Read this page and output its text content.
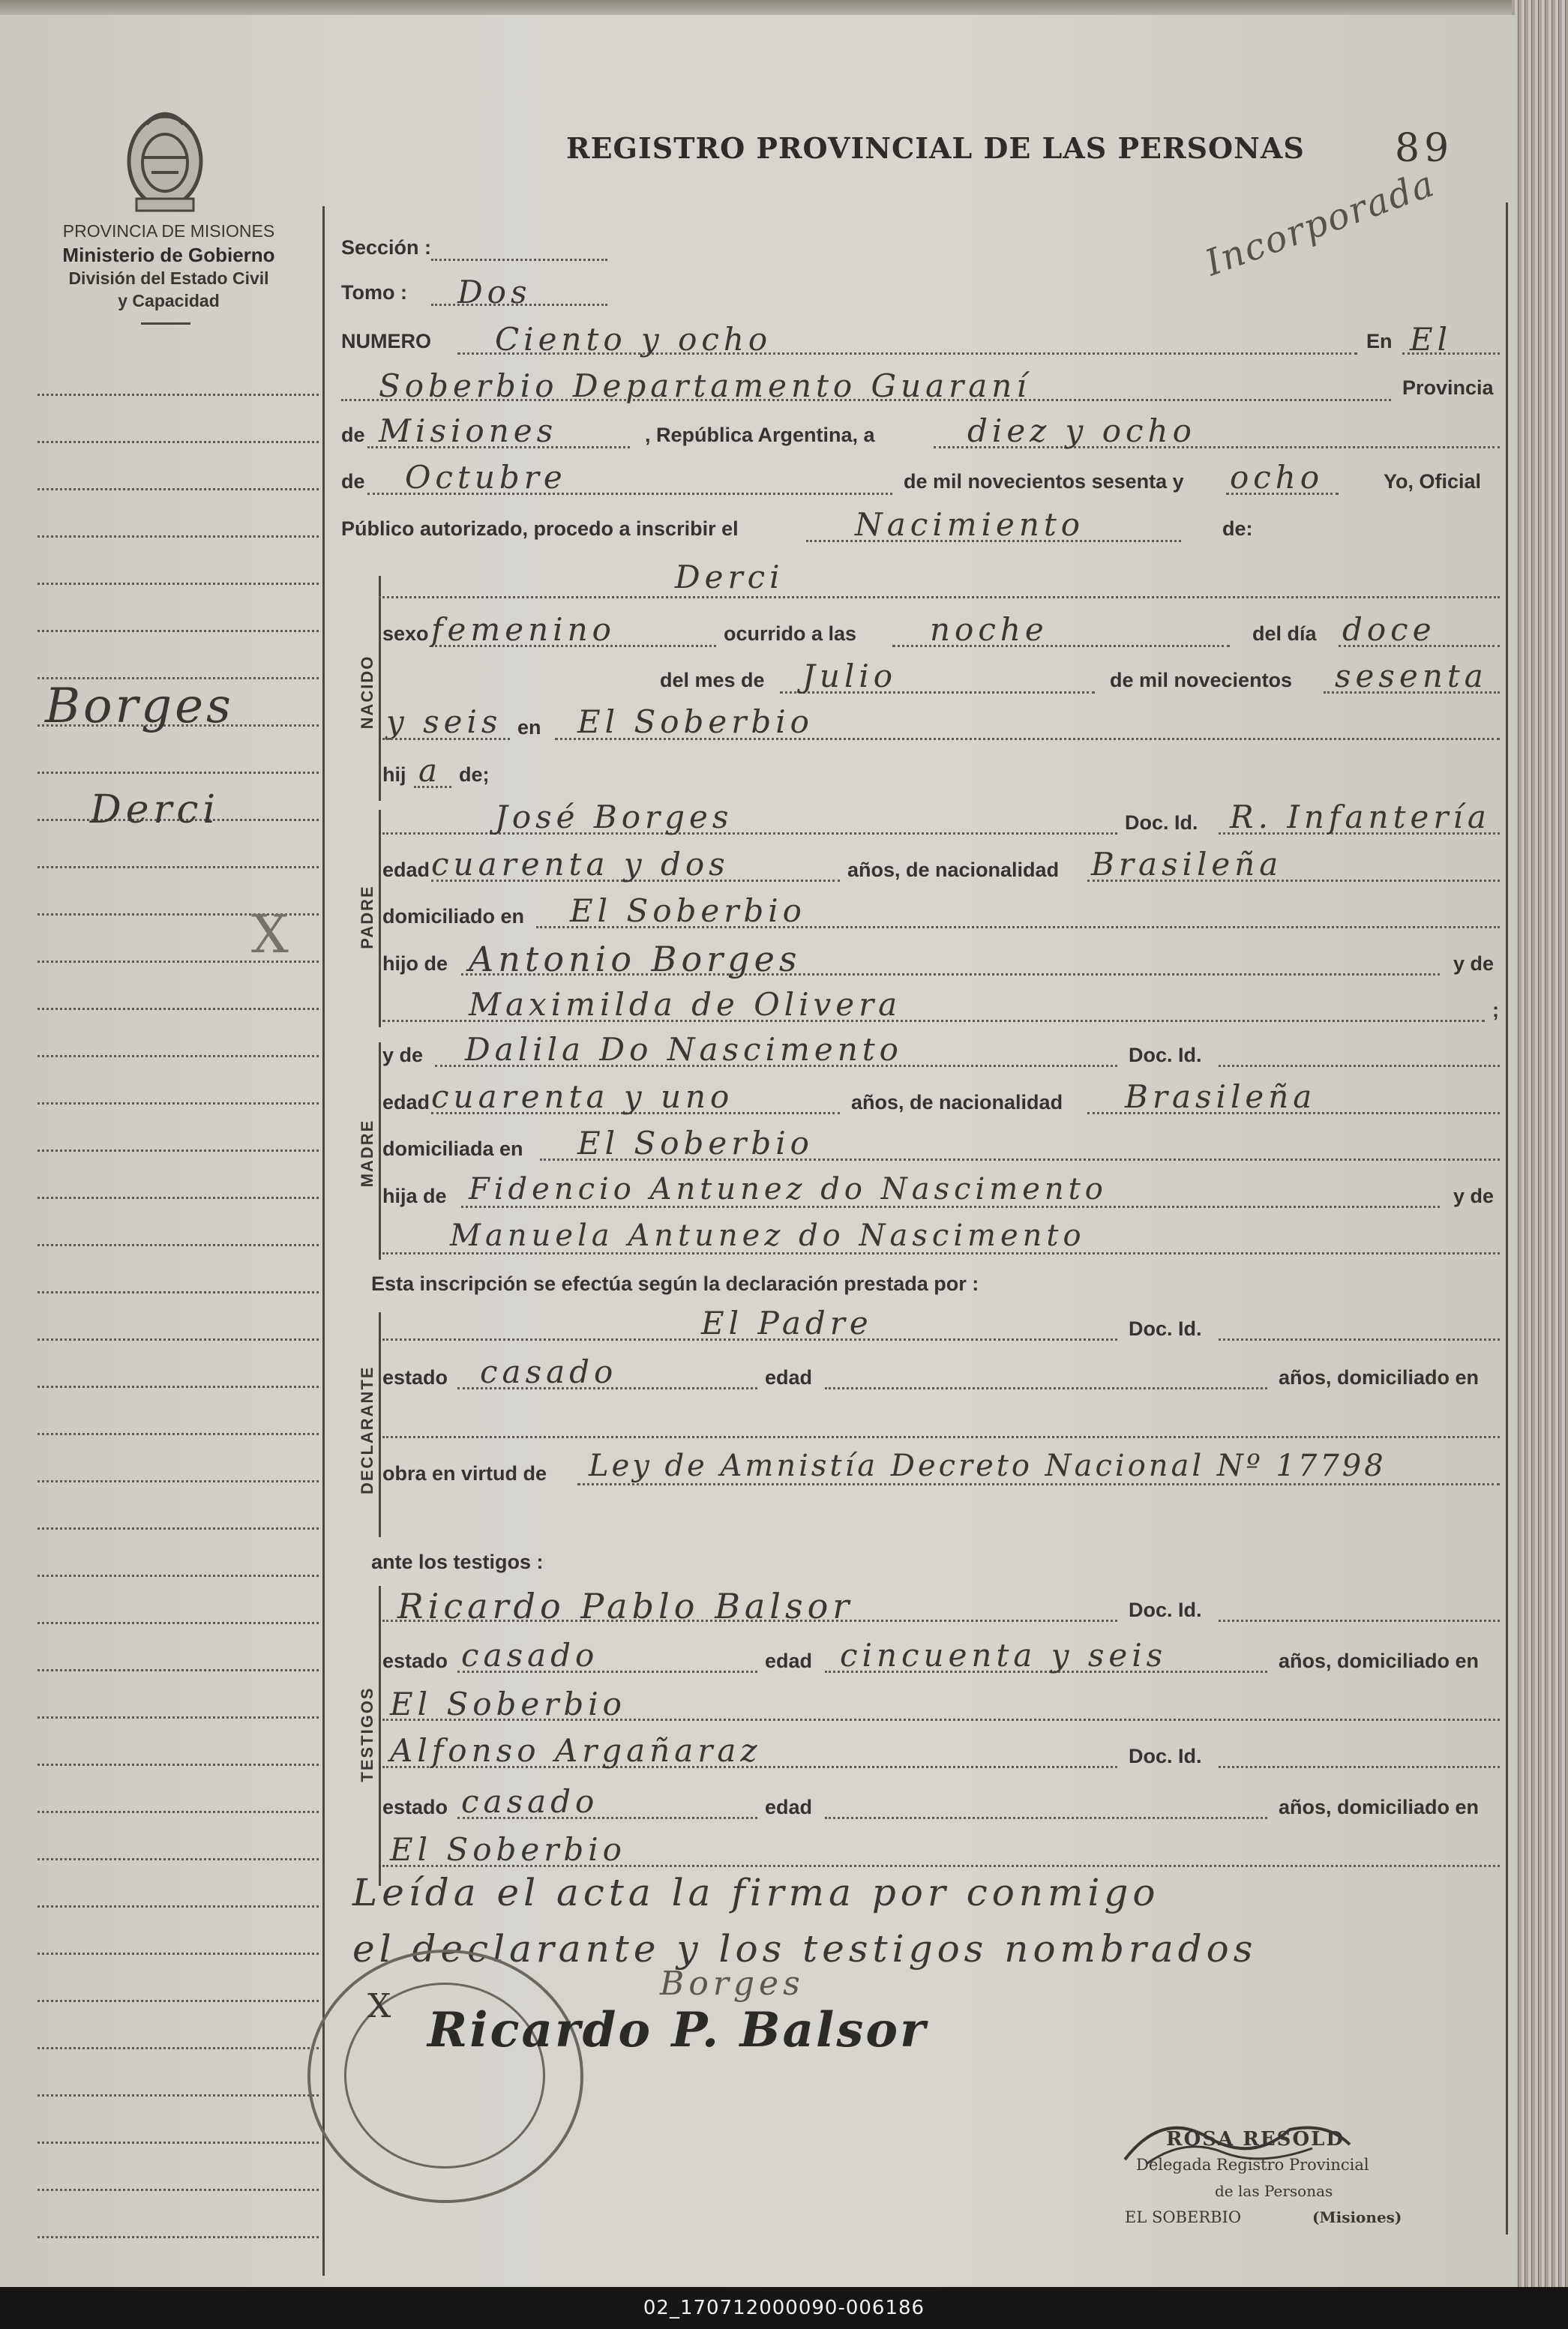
PROVINCIA DE MISIONES
Ministerio de Gobierno
División del Estado Civil
y Capacidad
Borges
Derci
X
REGISTRO PROVINCIAL DE LAS PERSONAS 89
Incorporada
Sección :
Tomo : Dos
NUMERO Ciento y ocho	En El
Soberbio Departamento Guaraní	Provincia
de Misiones	, República Argentina, a	diez y ocho
de Octubre	de mil novecientos sesenta y ocho	Yo, Oficial
Público autorizado, procedo a inscribir el	Nacimiento	de:
NACIDO
Derci
sexo femenino	ocurrido a las noche	del día doce
del mes de Julio	de mil novecientos sesenta
y seis en El Soberbio
hij a de;
PADRE
José Borges	Doc. Id. R. Infantería
edad cuarenta y dos	años, de nacionalidad Brasileña
domiciliado en El Soberbio
hijo de Antonio Borges	y de
Maximilda de Olivera	;
MADRE
y de Dalila Do Nascimento	Doc. Id.
edad cuarenta y uno	años, de nacionalidad Brasileña
domiciliada en El Soberbio
hija de Fidencio Antunez do Nascimento	y de
Manuela Antunez do Nascimento
Esta inscripción se efectúa según la declaración prestada por :
DECLARANTE
El Padre	Doc. Id.
estado casado	edad	años, domiciliado en
obra en virtud de Ley de Amnistía Decreto Nacional Nº 17798
ante los testigos :
TESTIGOS
Ricardo Pablo Balsor	Doc. Id.
estado casado	edad cincuenta y seis	años, domiciliado en
El Soberbio
Alfonso Argañaraz	Doc. Id.
estado casado	edad	años, domiciliado en
El Soberbio
Leída el acta la firma por conmigo
el declarante y los testigos nombrados
X
Borges
Ricardo P. Balsor
ROSA RESOLD
Delegada Registro Provincial
de las Personas
EL SOBERBIO	(Misiones)
02_170712000090-006186
